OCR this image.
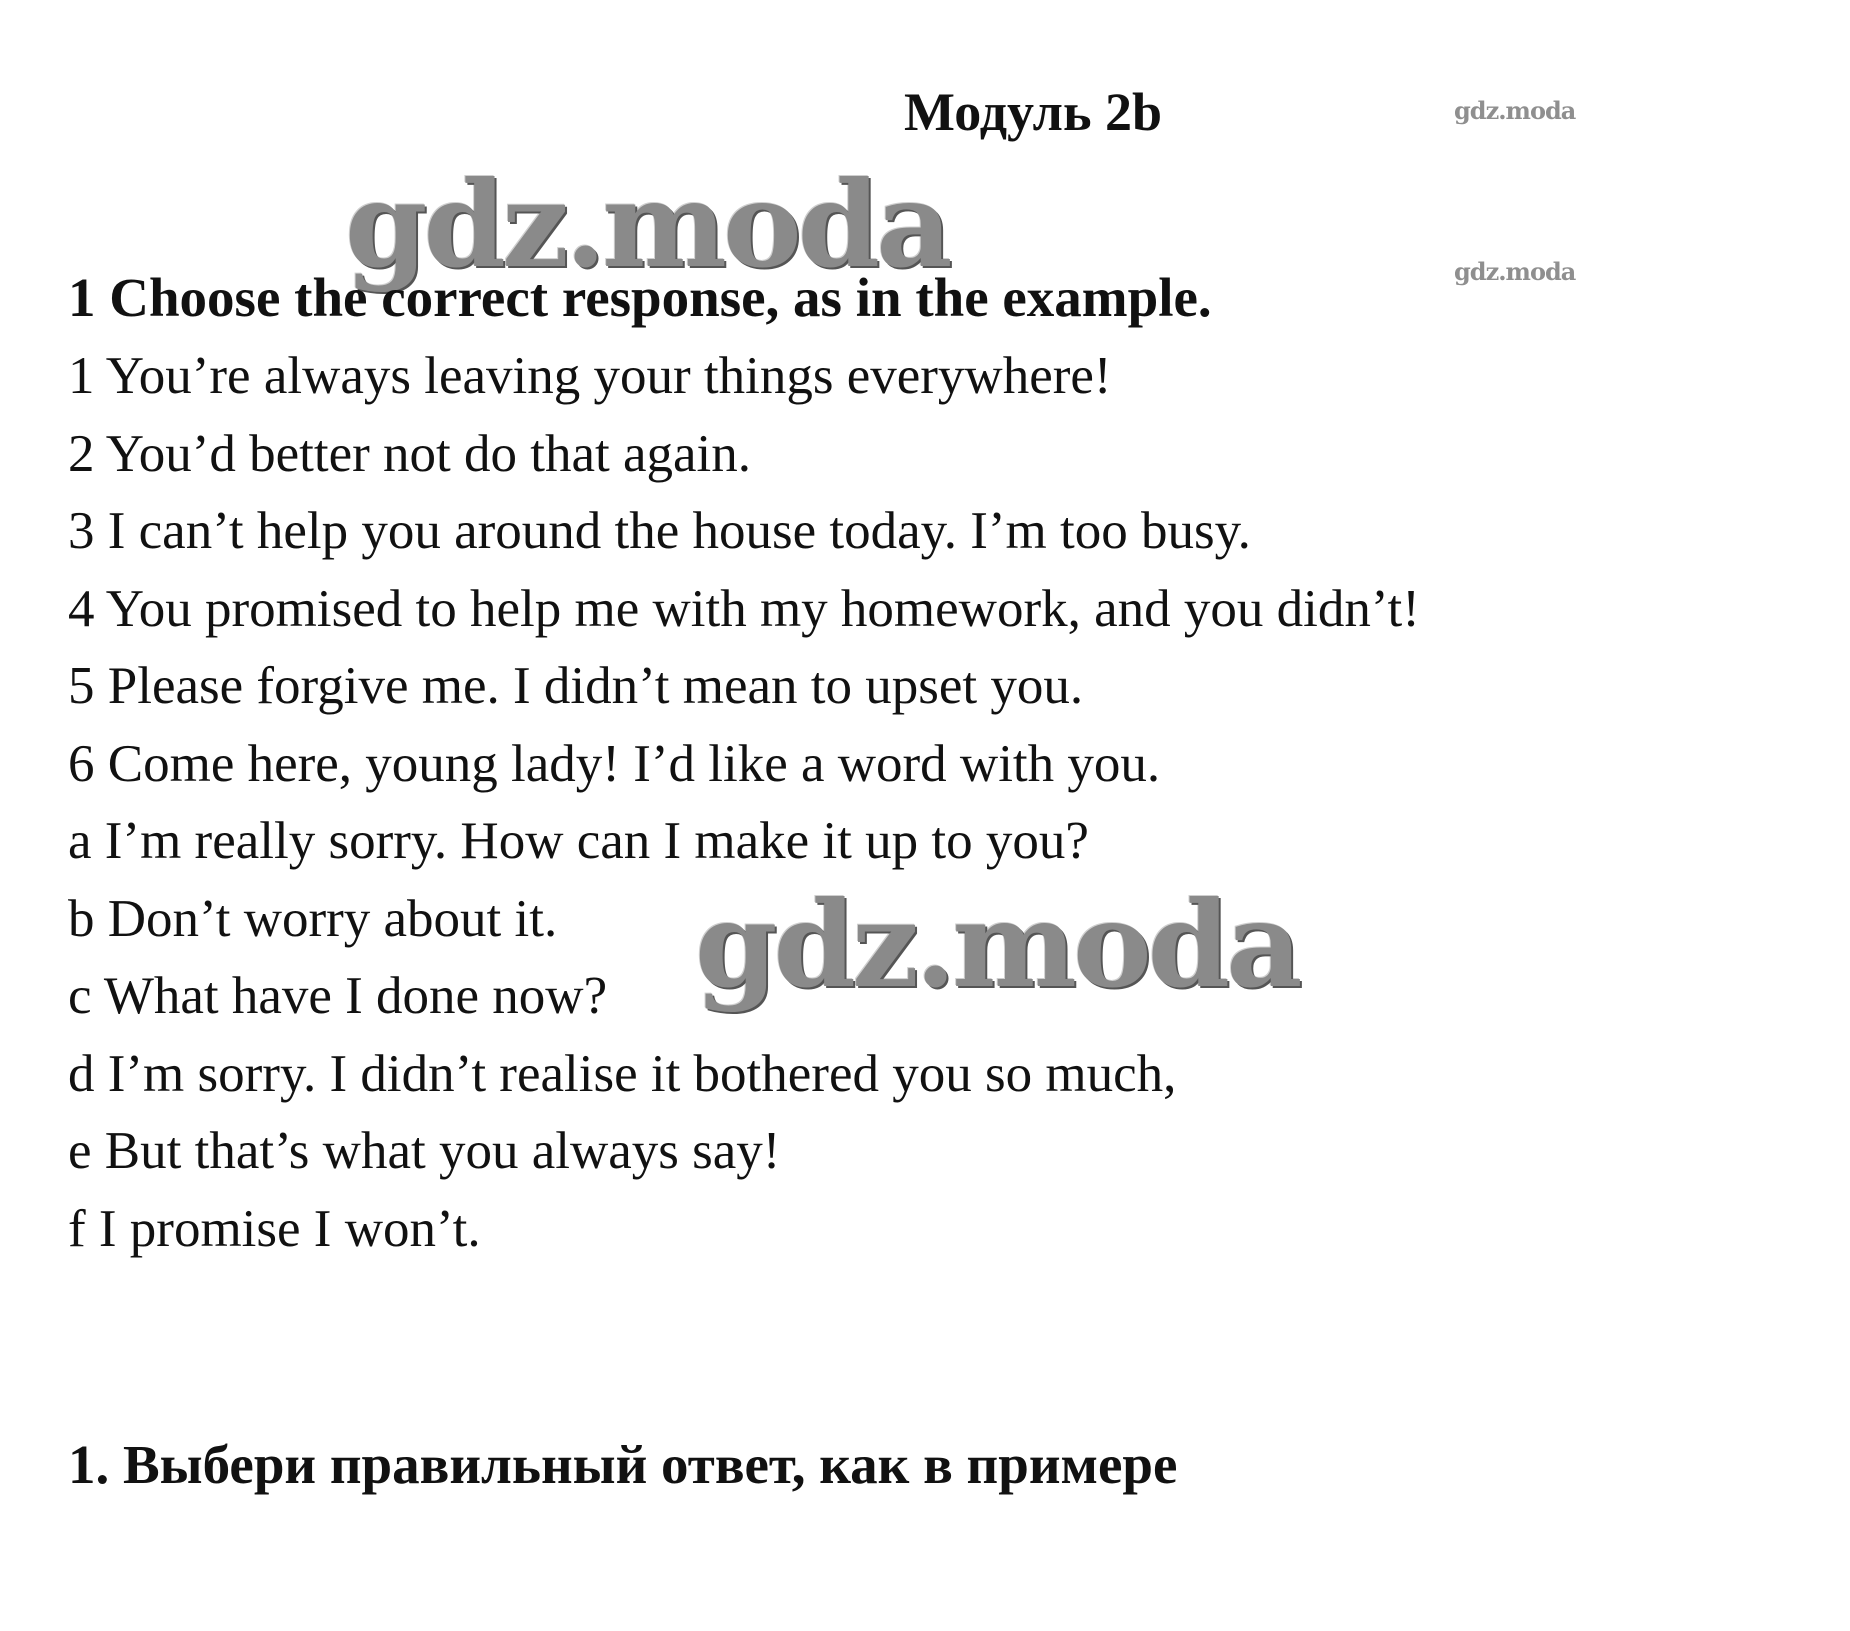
Модуль 2b	gdz.moda
gdz.moda	gdz.moda
1 Choose the correct response, as in the example.
1 You’re always leaving your things everywhere!
2 You’d better not do that again.
3 I can’t help you around the house today. I’m too busy.
4 You promised to help me with my homework, and you didn’t!
5 Please forgive me. I didn’t mean to upset you.
6 Come here, young lady! I’d like a word with you.
a I’m really sorry. How can I make it up to you?
b Don’t worry about it.
c What have I done now?
d I’m sorry. I didn’t realise it bothered you so much,
e But that’s what you always say!
f I promise I won’t.
gdz.moda
1. Выбери правильный ответ, как в примере
